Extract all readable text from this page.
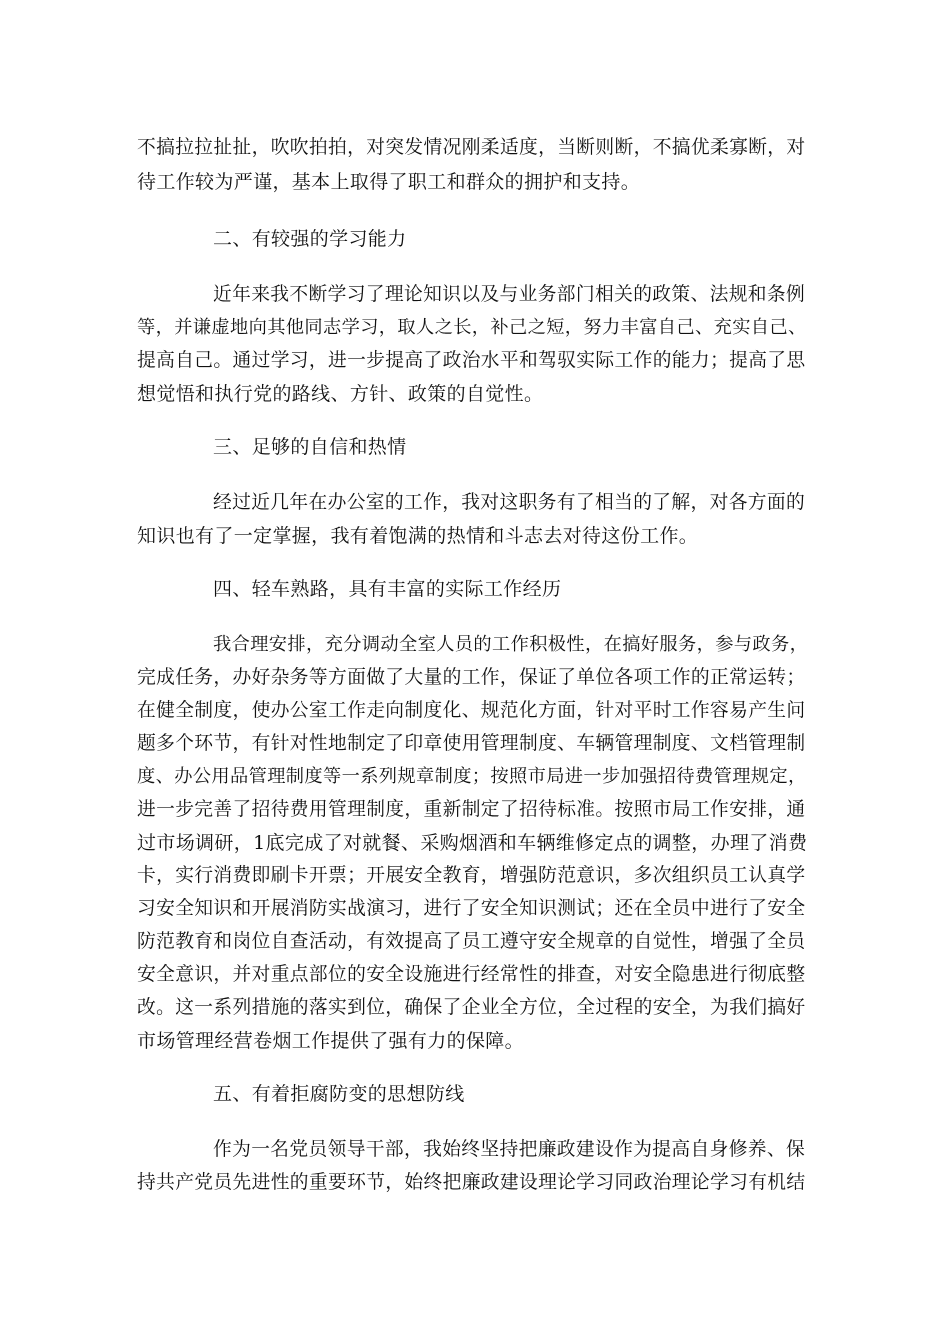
不搞拉拉扯扯，吹吹拍拍，对突发情况刚柔适度，当断则断，不搞优柔寡断，对
待工作较为严谨，基本上取得了职工和群众的拥护和支持。
二、有较强的学习能力
近年来我不断学习了理论知识以及与业务部门相关的政策、法规和条例
等，并谦虚地向其他同志学习，取人之长，补己之短，努力丰富自己、充实自己、
提高自己。通过学习，进一步提高了政治水平和驾驭实际工作的能力；提高了思
想觉悟和执行党的路线、方针、政策的自觉性。
三、足够的自信和热情
经过近几年在办公室的工作，我对这职务有了相当的了解，对各方面的
知识也有了一定掌握，我有着饱满的热情和斗志去对待这份工作。
四、轻车熟路，具有丰富的实际工作经历
我合理安排，充分调动全室人员的工作积极性，在搞好服务，参与政务，
完成任务，办好杂务等方面做了大量的工作，保证了单位各项工作的正常运转；
在健全制度，使办公室工作走向制度化、规范化方面，针对平时工作容易产生问
题多个环节，有针对性地制定了印章使用管理制度、车辆管理制度、文档管理制
度、办公用品管理制度等一系列规章制度；按照市局进一步加强招待费管理规定，
进一步完善了招待费用管理制度，重新制定了招待标准。按照市局工作安排，通
过市场调研，1底完成了对就餐、采购烟酒和车辆维修定点的调整，办理了消费
卡，实行消费即刷卡开票；开展安全教育，增强防范意识，多次组织员工认真学
习安全知识和开展消防实战演习，进行了安全知识测试；还在全员中进行了安全
防范教育和岗位自查活动，有效提高了员工遵守安全规章的自觉性，增强了全员
安全意识，并对重点部位的安全设施进行经常性的排查，对安全隐患进行彻底整
改。这一系列措施的落实到位，确保了企业全方位，全过程的安全，为我们搞好
市场管理经营卷烟工作提供了强有力的保障。
五、有着拒腐防变的思想防线
作为一名党员领导干部，我始终坚持把廉政建设作为提高自身修养、保
持共产党员先进性的重要环节，始终把廉政建设理论学习同政治理论学习有机结
